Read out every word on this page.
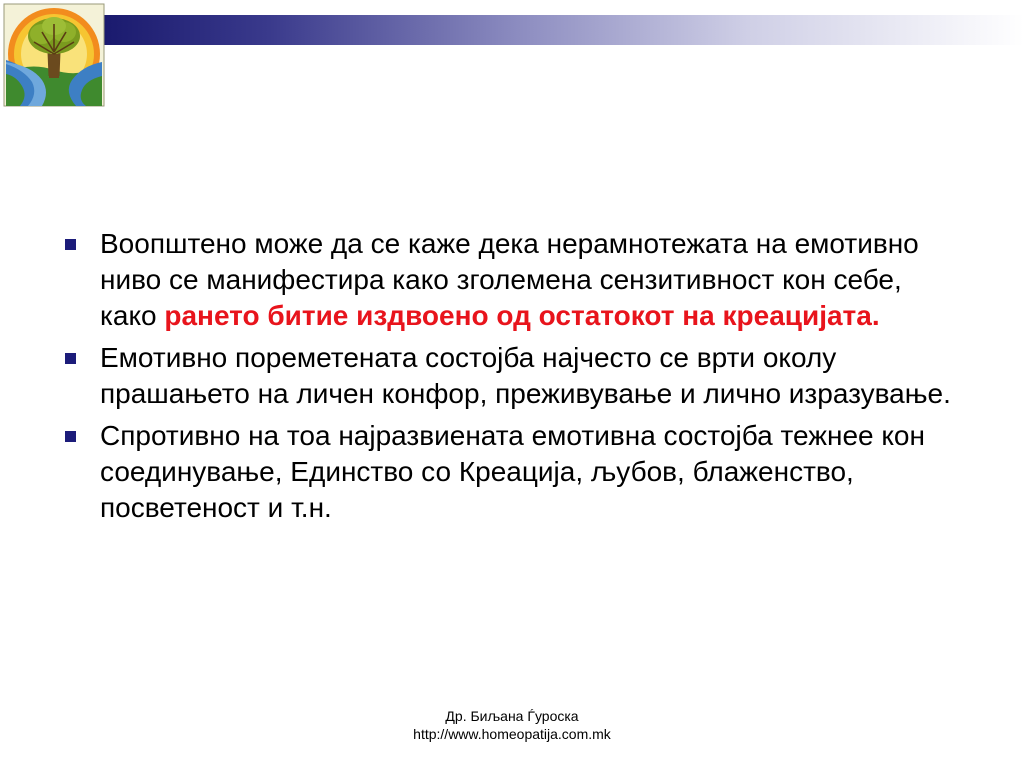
Воопштено може да се каже дека нерамнотежата на емотивно ниво се манифестира како зголемена сензитивност кон себе, како рането битие издвоено од остатокот на креацијата.
Емотивно пореметената состојба најчесто се врти околу прашањето на личен конфор, преживување и лично изразување.
Спротивно на тоа најразвиената емотивна состојба тежнее кон соединување, Единство со Креација, љубов, блаженство, посветеност и т.н.
Др. Биљана Ѓуроска
http://www.homeopatija.com.mk
